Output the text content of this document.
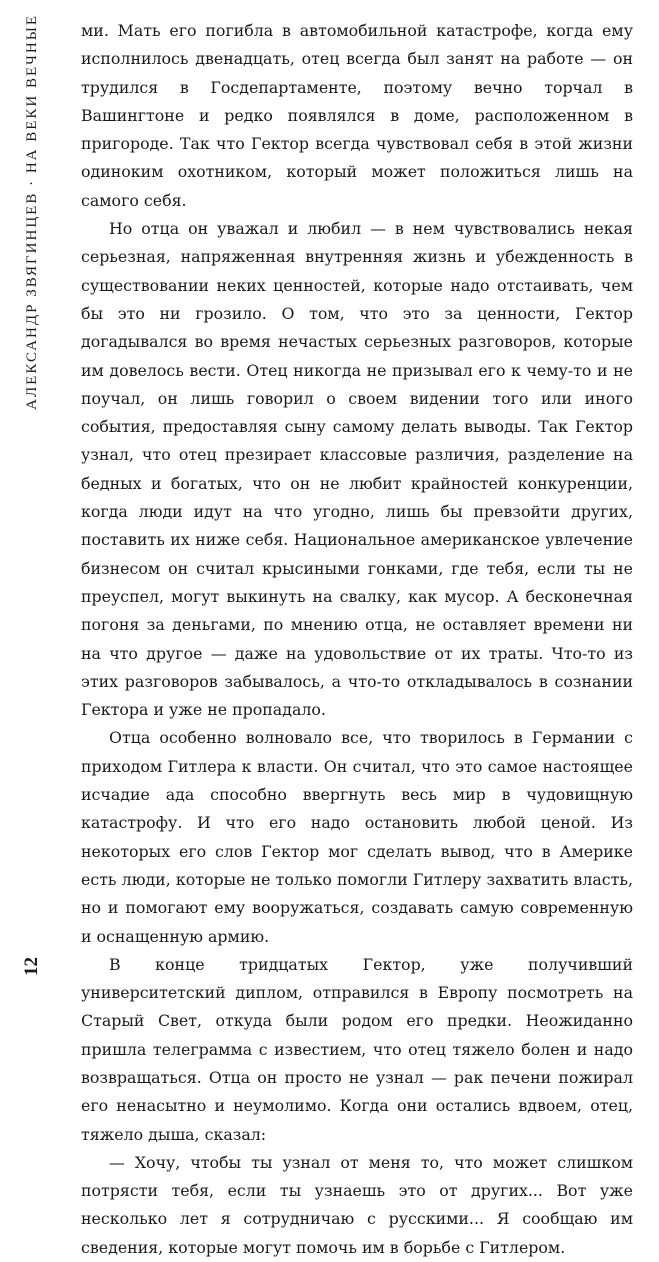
АЛЕКСАНДР ЗВЯГИНЦЕВ · НА ВЕКИ ВЕЧНЫЕ
12

ми. Мать его погибла в автомобильной катастрофе, когда ему исполнилось двенадцать, отец всегда был занят на работе — он трудился в Госдепартаменте, поэтому вечно торчал в Вашингтоне и редко появлялся в доме, расположенном в пригороде. Так что Гектор всегда чувствовал себя в этой жизни одиноким охотником, который может положиться лишь на самого себя.

Но отца он уважал и любил — в нем чувствовались некая серьезная, напряженная внутренняя жизнь и убежденность в существовании неких ценностей, которые надо отстаивать, чем бы это ни грозило. О том, что это за ценности, Гектор догадывался во время нечастых серьезных разговоров, которые им довелось вести. Отец никогда не призывал его к чему-то и не поучал, он лишь говорил о своем видении того или иного события, предоставляя сыну самому делать выводы. Так Гектор узнал, что отец презирает классовые различия, разделение на бедных и богатых, что он не любит крайностей конкуренции, когда люди идут на что угодно, лишь бы превзойти других, поставить их ниже себя. Национальное американское увлечение бизнесом он считал крысиными гонками, где тебя, если ты не преуспел, могут выкинуть на свалку, как мусор. А бесконечная погоня за деньгами, по мнению отца, не оставляет времени ни на что другое — даже на удовольствие от их траты. Что-то из этих разговоров забывалось, а что-то откладывалось в сознании Гектора и уже не пропадало.

Отца особенно волновало все, что творилось в Германии с приходом Гитлера к власти. Он считал, что это самое настоящее исчадие ада способно ввергнуть весь мир в чудовищную катастрофу. И что его надо остановить любой ценой. Из некоторых его слов Гектор мог сделать вывод, что в Америке есть люди, которые не только помогли Гитлеру захватить власть, но и помогают ему вооружаться, создавать самую современную и оснащенную армию.

В конце тридцатых Гектор, уже получивший университетский диплом, отправился в Европу посмотреть на Старый Свет, откуда были родом его предки. Неожиданно пришла телеграмма с известием, что отец тяжело болен и надо возвращаться. Отца он просто не узнал — рак печени пожирал его ненасытно и неумолимо. Когда они остались вдвоем, отец, тяжело дыша, сказал:

— Хочу, чтобы ты узнал от меня то, что может слишком потрясти тебя, если ты узнаешь это от других... Вот уже несколько лет я сотрудничаю с русскими... Я сообщаю им сведения, которые могут помочь им в борьбе с Гитлером.
